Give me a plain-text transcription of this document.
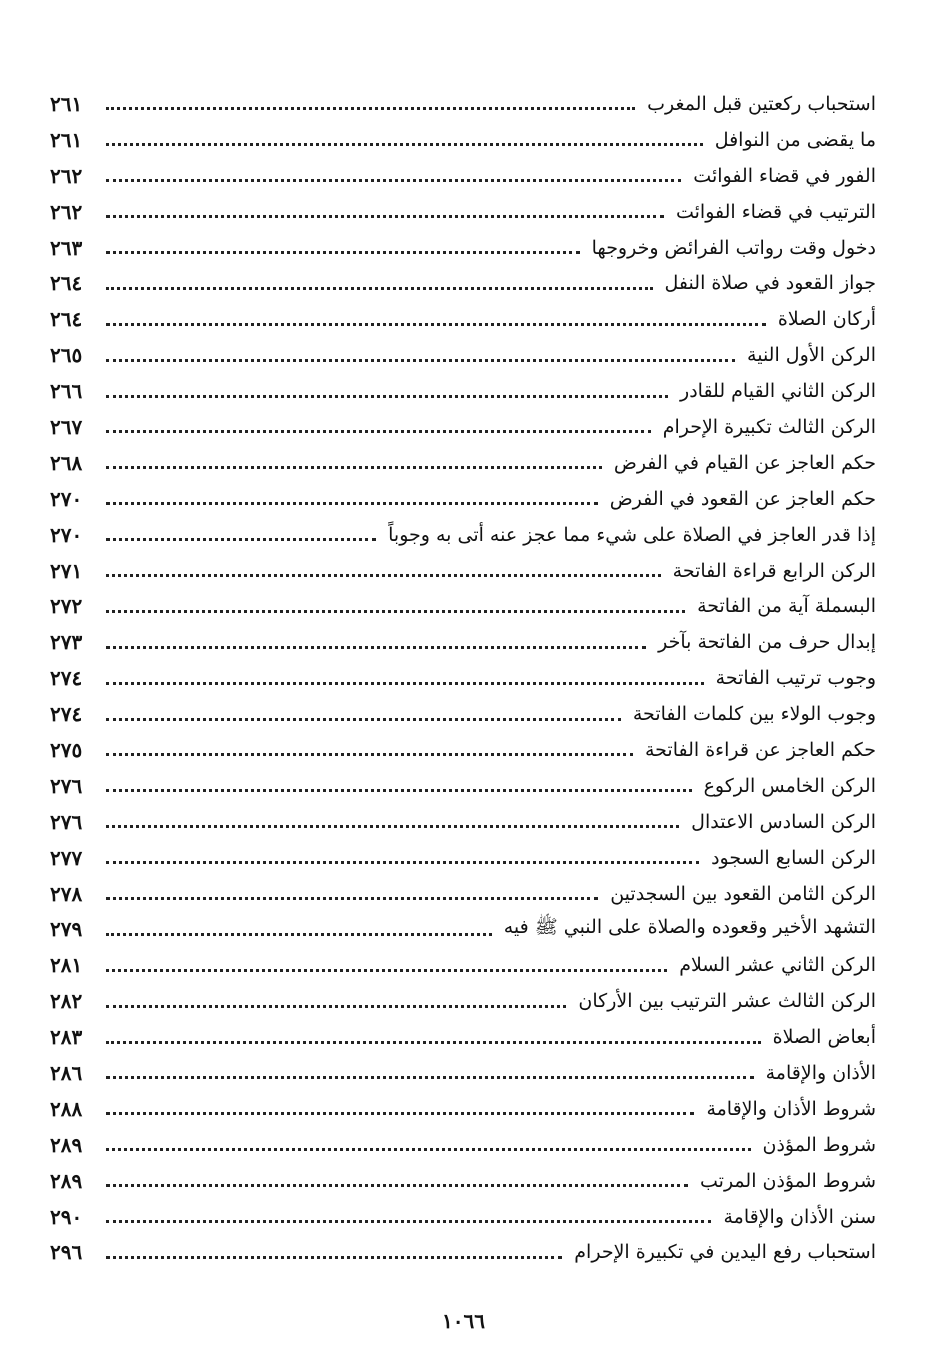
استحباب ركعتين قبل المغرب
٢٦١
ما يقضى من النوافل
٢٦١
الفور في قضاء الفوائت
٢٦٢
الترتيب في قضاء الفوائت
٢٦٢
دخول وقت رواتب الفرائض وخروجها
٢٦٣
جواز القعود في صلاة النفل
٢٦٤
أركان الصلاة
٢٦٤
الركن الأول النية
٢٦٥
الركن الثاني القيام للقادر
٢٦٦
الركن الثالث تكبيرة الإحرام
٢٦٧
حكم العاجز عن القيام في الفرض
٢٦٨
حكم العاجز عن القعود في الفرض
٢٧٠
إذا قدر العاجز في الصلاة على شيء مما عجز عنه أتى به وجوباً
٢٧٠
الركن الرابع قراءة الفاتحة
٢٧١
البسملة آية من الفاتحة
٢٧٢
إبدال حرف من الفاتحة بآخر
٢٧٣
وجوب ترتيب الفاتحة
٢٧٤
وجوب الولاء بين كلمات الفاتحة
٢٧٤
حكم العاجز عن قراءة الفاتحة
٢٧٥
الركن الخامس الركوع
٢٧٦
الركن السادس الاعتدال
٢٧٦
الركن السابع السجود
٢٧٧
الركن الثامن القعود بين السجدتين
٢٧٨
التشهد الأخير وقعوده والصلاة على النبي ﷺ فيه
٢٧٩
الركن الثاني عشر السلام
٢٨١
الركن الثالث عشر الترتيب بين الأركان
٢٨٢
أبعاض الصلاة
٢٨٣
الأذان والإقامة
٢٨٦
شروط الأذان والإقامة
٢٨٨
شروط المؤذن
٢٨٩
شروط المؤذن المرتب
٢٨٩
سنن الأذان والإقامة
٢٩٠
استحباب رفع اليدين في تكبيرة الإحرام
٢٩٦
١٠٦٦
